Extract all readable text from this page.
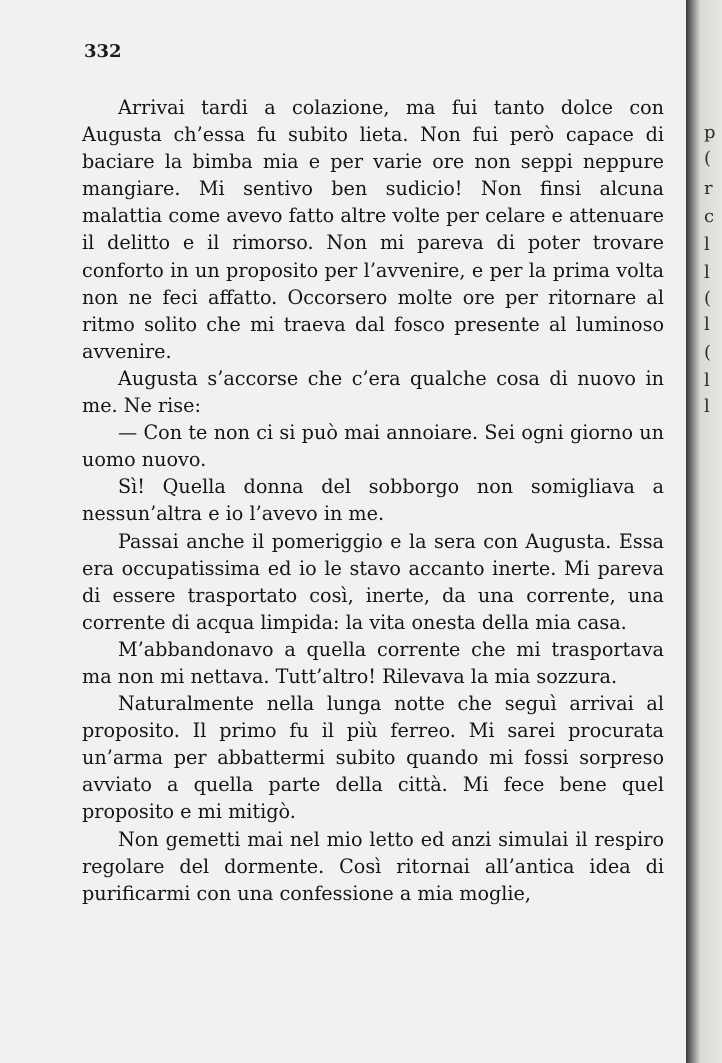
332

Arrivai tardi a colazione, ma fui tanto dolce con Augusta ch’essa fu subito lieta. Non fui però capace di baciare la bimba mia e per varie ore non seppi neppure mangiare. Mi sentivo ben sudicio! Non finsi alcuna malattia come avevo fatto altre volte per celare e attenuare il delitto e il rimorso. Non mi pareva di poter trovare conforto in un proposito per l’avvenire, e per la prima volta non ne feci affatto. Occorsero molte ore per ritornare al ritmo solito che mi traeva dal fosco presente al luminoso avvenire.

Augusta s’accorse che c’era qualche cosa di nuovo in me. Ne rise:

— Con te non ci si può mai annoiare. Sei ogni giorno un uomo nuovo.

Sì! Quella donna del sobborgo non somigliava a nessun’altra e io l’avevo in me.

Passai anche il pomeriggio e la sera con Augusta. Essa era occupatissima ed io le stavo accanto inerte. Mi pareva di essere trasportato così, inerte, da una corrente, una corrente di acqua limpida: la vita onesta della mia casa.

M’abbandonavo a quella corrente che mi trasportava ma non mi nettava. Tutt’altro! Rilevava la mia sozzura.

Naturalmente nella lunga notte che seguì arrivai al proposito. Il primo fu il più ferreo. Mi sarei procurata un’arma per abbattermi subito quando mi fossi sorpreso avviato a quella parte della città. Mi fece bene quel proposito e mi mitigò.

Non gemetti mai nel mio letto ed anzi simulai il respiro regolare del dormente. Così ritornai all’antica idea di purificarmi con una confessione a mia moglie,

p
(
r
c
l
l
(
l
(
l
l
